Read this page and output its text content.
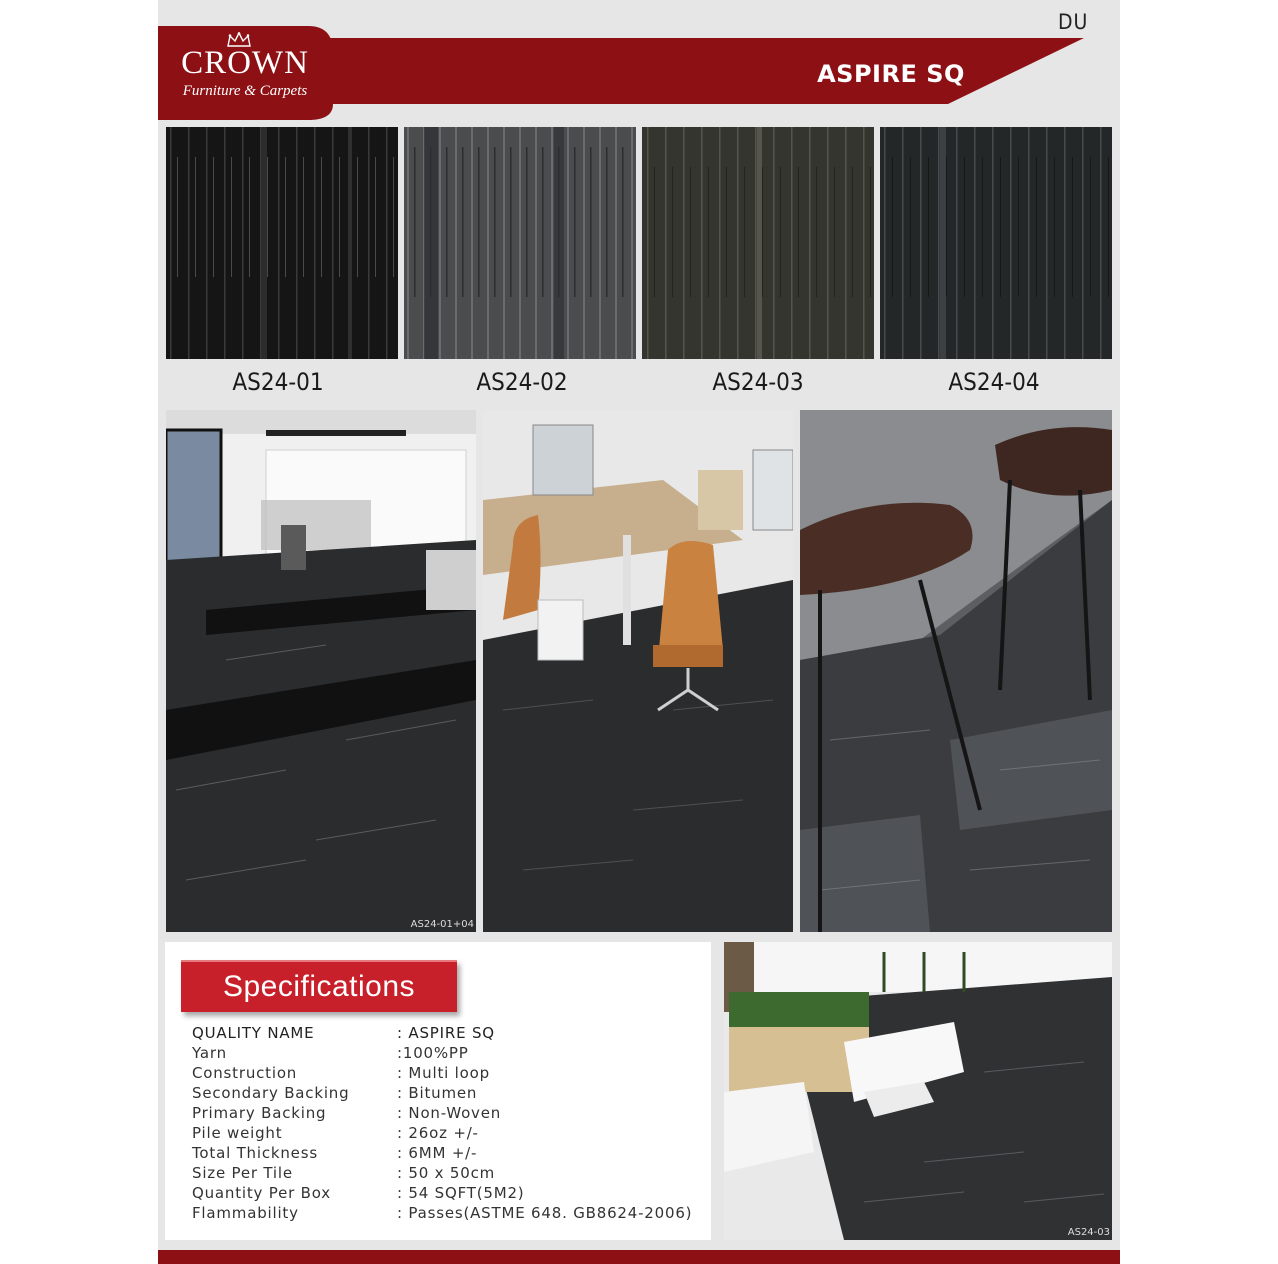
DU
CROWN
Furniture & Carpets
ASPIRE SQ
AS24-01	AS24-02	AS24-03	AS24-04
AS24-01+04
Specifications
QUALITY NAME	: ASPIRE SQ
Yarn	:100%PP
Construction	: Multi loop
Secondary Backing	: Bitumen
Primary Backing	: Non-Woven
Pile weight	: 26oz +/-
Total Thickness	: 6MM +/-
Size Per Tile	: 50 x 50cm
Quantity Per Box	: 54 SQFT(5M2)
Flammability	: Passes(ASTME 648. GB8624-2006)
AS24-03
